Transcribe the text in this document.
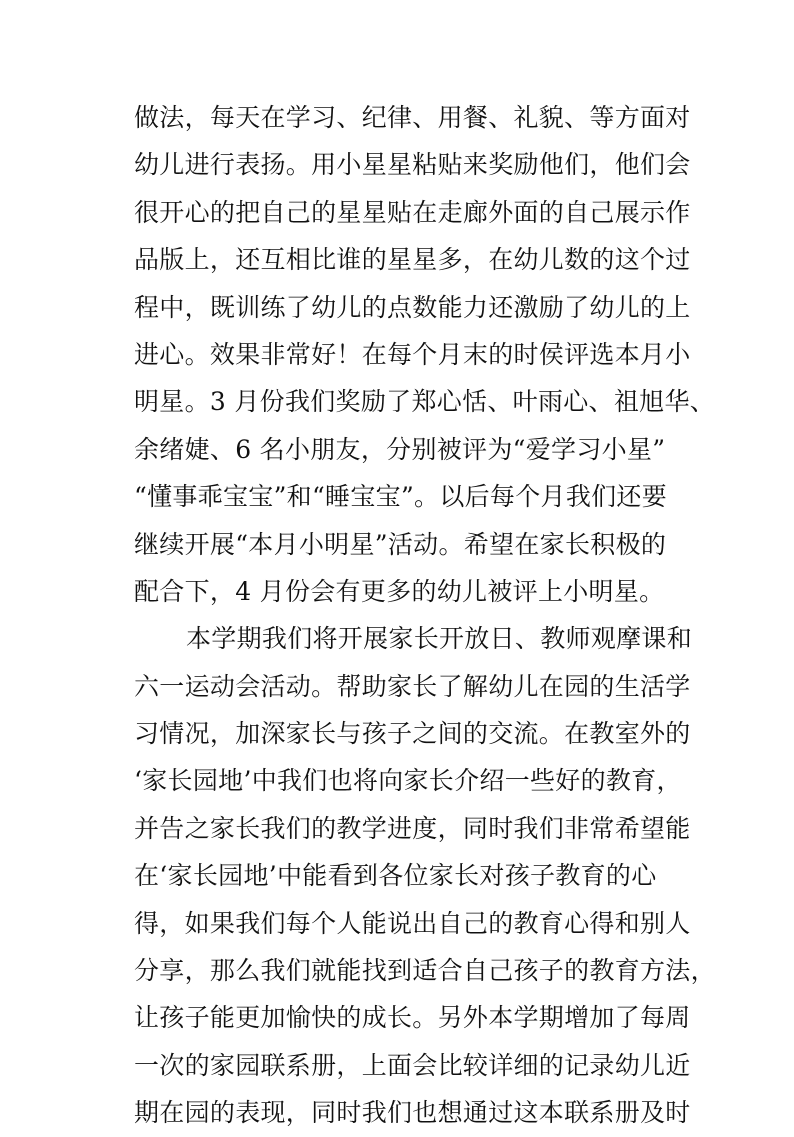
做法，每天在学习、纪律、用餐、礼貌、等方面对
幼儿进行表扬。用小星星粘贴来奖励他们，他们会
很开心的把自己的星星贴在走廊外面的自己展示作
品版上，还互相比谁的星星多，在幼儿数的这个过
程中，既训练了幼儿的点数能力还激励了幼儿的上
进心。效果非常好！在每个月末的时侯评选本月小
明星。3 月份我们奖励了郑心恬、叶雨心、祖旭华、
余绪婕、6 名小朋友，分别被评为“爱学习小星”
“懂事乖宝宝”和“睡宝宝”。以后每个月我们还要
继续开展“本月小明星”活动。希望在家长积极的
配合下，4 月份会有更多的幼儿被评上小明星。
本学期我们将开展家长开放日、教师观摩课和
六一运动会活动。帮助家长了解幼儿在园的生活学
习情况，加深家长与孩子之间的交流。在教室外的
‘家长园地’中我们也将向家长介绍一些好的教育，
并告之家长我们的教学进度，同时我们非常希望能
在‘家长园地’中能看到各位家长对孩子教育的心
得，如果我们每个人能说出自己的教育心得和别人
分享，那么我们就能找到适合自己孩子的教育方法，
让孩子能更加愉快的成长。另外本学期增加了每周
一次的家园联系册，上面会比较详细的记录幼儿近
期在园的表现，同时我们也想通过这本联系册及时
